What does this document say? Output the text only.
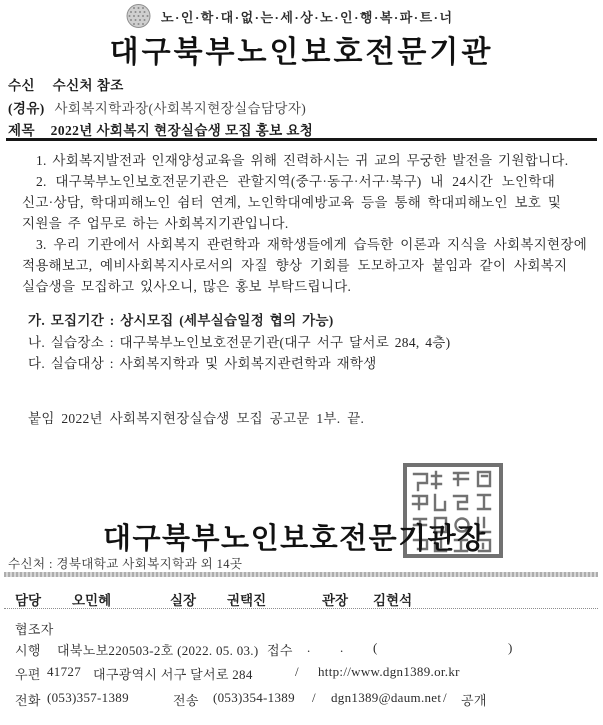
노·인·학·대·없·는·세·상·노·인·행·복·파·트·너
대구북부노인보호전문기관
수신 수신처 참조
(경유) 사회복지학과장(사회복지현장실습담당자)
제목 2022년 사회복지 현장실습생 모집 홍보 요청
1. 사회복지발전과 인재양성교육을 위해 진력하시는 귀 교의 무궁한 발전을 기원합니다.
2. 대구북부노인보호전문기관은 관할지역(중구·동구·서구·북구) 내 24시간 노인학대
신고·상담, 학대피해노인 쉼터 연계, 노인학대예방교육 등을 통해 학대피해노인 보호 및
지원을 주 업무로 하는 사회복지기관입니다.
3. 우리 기관에서 사회복지 관련학과 재학생들에게 습득한 이론과 지식을 사회복지현장에
적용해보고, 예비사회복지사로서의 자질 향상 기회를 도모하고자 붙임과 같이 사회복지
실습생을 모집하고 있사오니, 많은 홍보 부탁드립니다.
가. 모집기간 : 상시모집 (세부실습일정 협의 가능)
나. 실습장소 : 대구북부노인보호전문기관(대구 서구 달서로 284, 4층)
다. 실습대상 : 사회복지학과 및 사회복지관련학과 재학생
붙임 2022년 사회복지현장실습생 모집 공고문 1부. 끝.
대구북부노인보호전문기관장
수신처 : 경북대학교 사회복지학과 외 14곳
담당 오민혜	실장 권택진	관장 김현석
협조자
시행 대북노보220503-2호 (2022. 05. 03.) 접수 . . (	)
우편 41727 대구광역시 서구 달서로 284	/ http://www.dgn1389.or.kr
전화 (053)357-1389	전송 (053)354-1389 / dgn1389@daum.net / 공개
